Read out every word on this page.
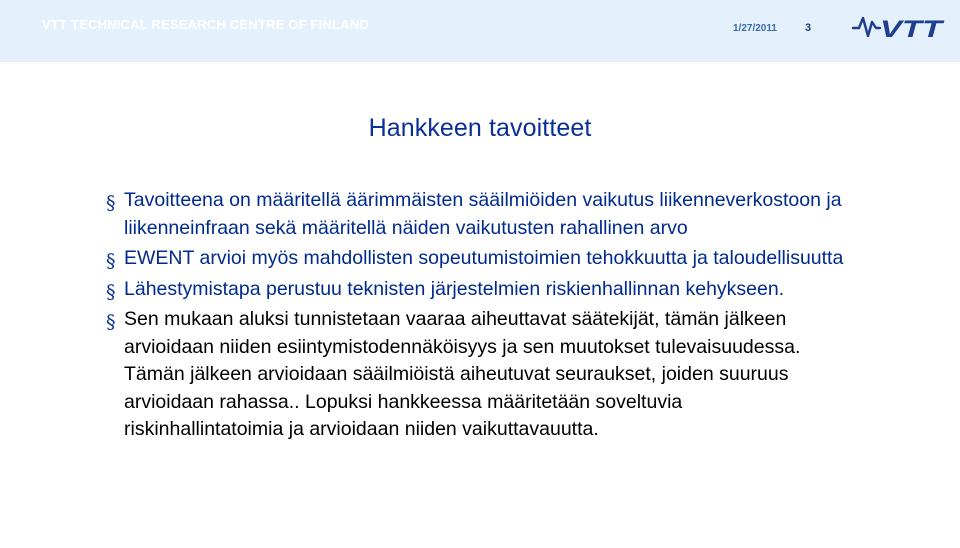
VTT TECHNICAL RESEARCH CENTRE OF FINLAND	1/27/2011	3	VTT
Hankkeen tavoitteet
§ Tavoitteena on määritellä äärimmäisten sääilmiöiden vaikutus liikenneverkostoon ja liikenneinfraan sekä määritellä näiden vaikutusten rahallinen arvo
§ EWENT arvioi myös mahdollisten sopeutumistoimien tehokkuutta ja taloudellisuutta
§ Lähestymistapa perustuu teknisten järjestelmien riskienhallinnan kehykseen.
§ Sen mukaan aluksi tunnistetaan vaaraa aiheuttavat säätekijät, tämän jälkeen arvioidaan niiden esiintymistodennäköisyys ja sen muutokset tulevaisuudessa. Tämän jälkeen arvioidaan sääilmiöistä aiheutuvat seuraukset, joiden suuruus arvioidaan rahassa.. Lopuksi hankkeessa määritetään soveltuvia riskinhallintatoimia ja arvioidaan niiden vaikuttavauutta.
